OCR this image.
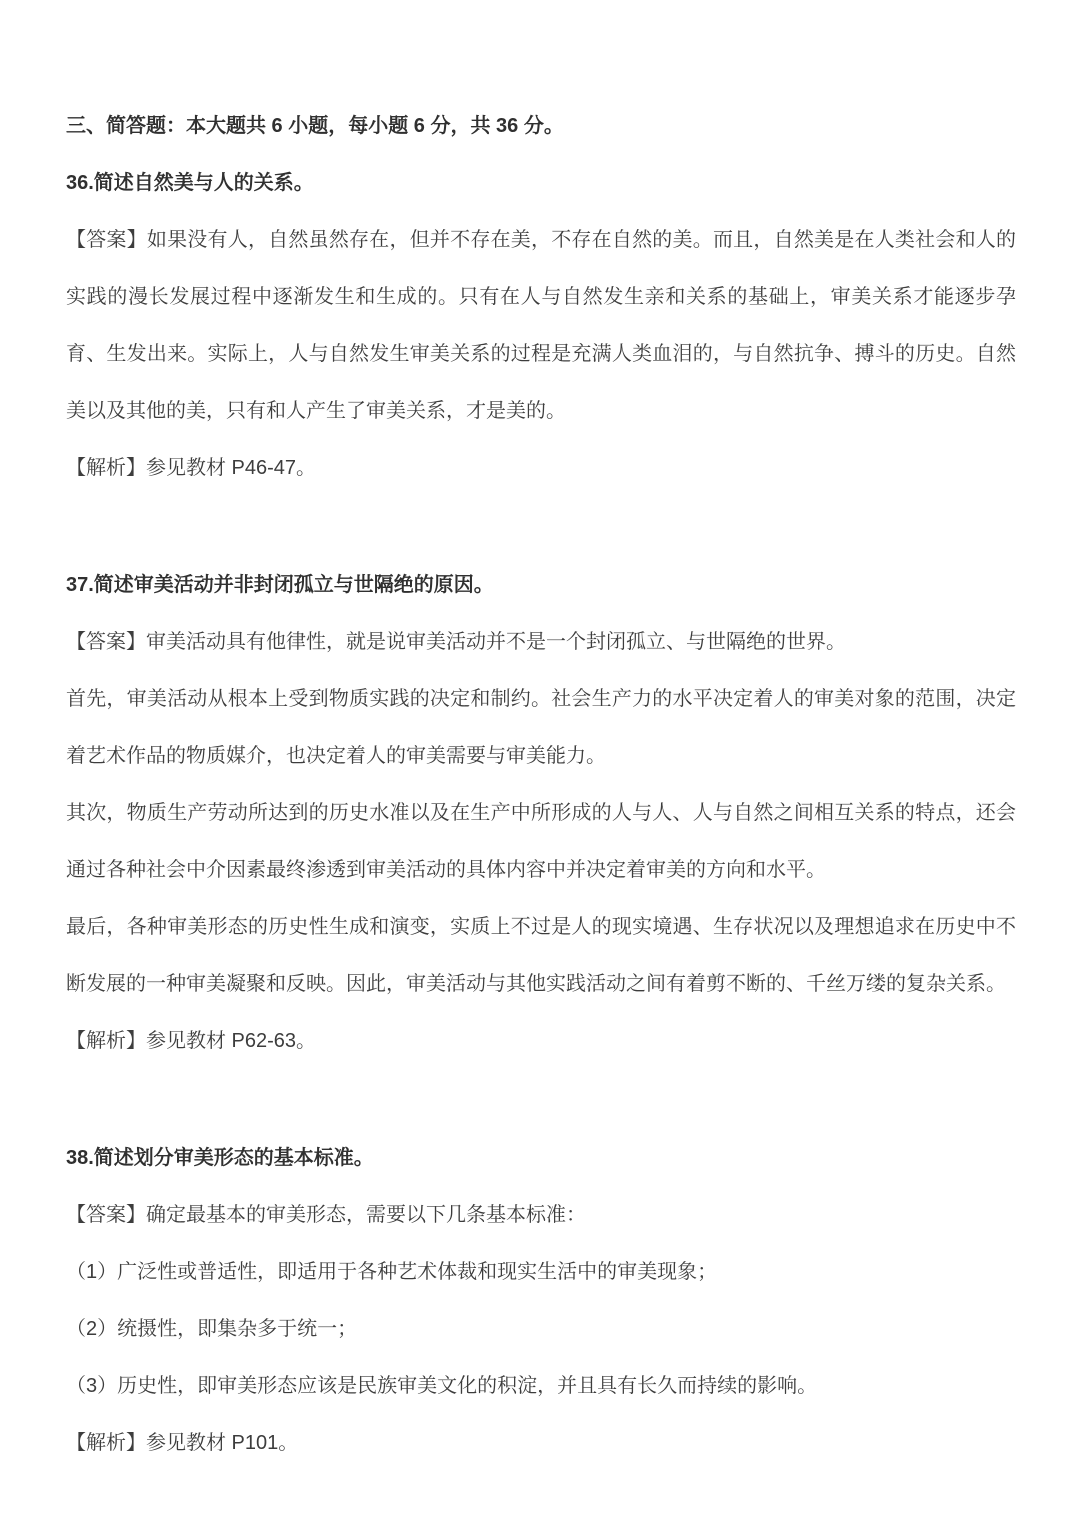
三、简答题：本大题共 6 小题，每小题 6 分，共 36 分。

36.简述自然美与人的关系。

【答案】如果没有人，自然虽然存在，但并不存在美，不存在自然的美。而且，自然美是在人类社会和人的实践的漫长发展过程中逐渐发生和生成的。只有在人与自然发生亲和关系的基础上，审美关系才能逐步孕育、生发出来。实际上，人与自然发生审美关系的过程是充满人类血泪的，与自然抗争、搏斗的历史。自然美以及其他的美，只有和人产生了审美关系，才是美的。

【解析】参见教材 P46-47。

37.简述审美活动并非封闭孤立与世隔绝的原因。

【答案】审美活动具有他律性，就是说审美活动并不是一个封闭孤立、与世隔绝的世界。

首先，审美活动从根本上受到物质实践的决定和制约。社会生产力的水平决定着人的审美对象的范围，决定着艺术作品的物质媒介，也决定着人的审美需要与审美能力。

其次，物质生产劳动所达到的历史水准以及在生产中所形成的人与人、人与自然之间相互关系的特点，还会通过各种社会中介因素最终渗透到审美活动的具体内容中并决定着审美的方向和水平。

最后，各种审美形态的历史性生成和演变，实质上不过是人的现实境遇、生存状况以及理想追求在历史中不断发展的一种审美凝聚和反映。因此，审美活动与其他实践活动之间有着剪不断的、千丝万缕的复杂关系。

【解析】参见教材 P62-63。

38.简述划分审美形态的基本标准。

【答案】确定最基本的审美形态，需要以下几条基本标准：

（1）广泛性或普适性，即适用于各种艺术体裁和现实生活中的审美现象；

（2）统摄性，即集杂多于统一；

（3）历史性，即审美形态应该是民族审美文化的积淀，并且具有长久而持续的影响。

【解析】参见教材 P101。
